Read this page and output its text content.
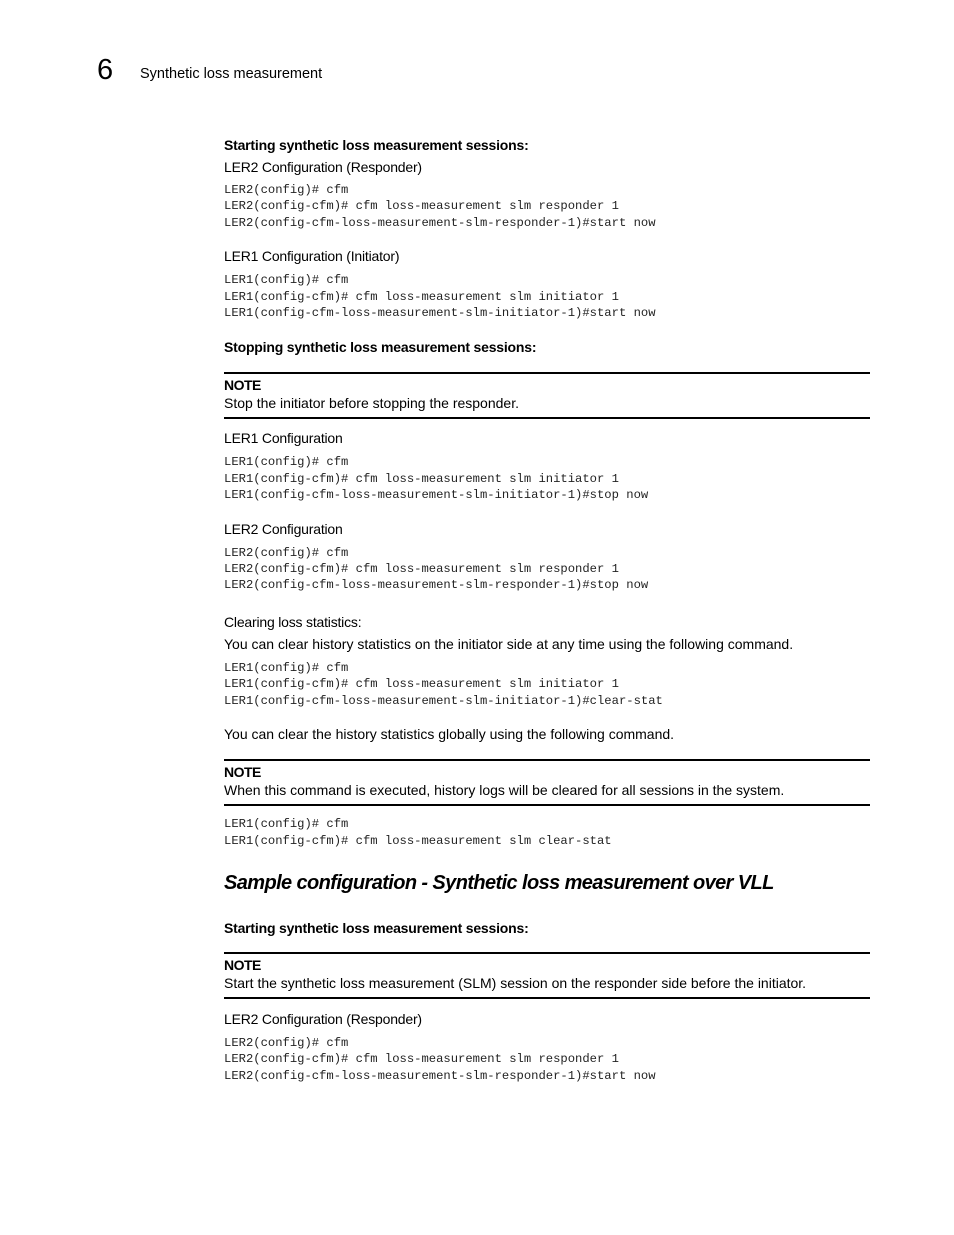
6 Synthetic loss measurement

Starting synthetic loss measurement sessions:

LER2 Configuration (Responder)

LER2(config)# cfm
LER2(config-cfm)# cfm loss-measurement slm responder 1
LER2(config-cfm-loss-measurement-slm-responder-1)#start now

LER1 Configuration (Initiator)

LER1(config)# cfm
LER1(config-cfm)# cfm loss-measurement slm initiator 1
LER1(config-cfm-loss-measurement-slm-initiator-1)#start now

Stopping synthetic loss measurement sessions:

NOTE
Stop the initiator before stopping the responder.

LER1 Configuration

LER1(config)# cfm
LER1(config-cfm)# cfm loss-measurement slm initiator 1
LER1(config-cfm-loss-measurement-slm-initiator-1)#stop now

LER2 Configuration

LER2(config)# cfm
LER2(config-cfm)# cfm loss-measurement slm responder 1
LER2(config-cfm-loss-measurement-slm-responder-1)#stop now

Clearing loss statistics:

You can clear history statistics on the initiator side at any time using the following command.

LER1(config)# cfm
LER1(config-cfm)# cfm loss-measurement slm initiator 1
LER1(config-cfm-loss-measurement-slm-initiator-1)#clear-stat

You can clear the history statistics globally using the following command.

NOTE
When this command is executed, history logs will be cleared for all sessions in the system.
LER1(config)# cfm
LER1(config-cfm)# cfm loss-measurement slm clear-stat
Sample configuration - Synthetic loss measurement over VLL

Starting synthetic loss measurement sessions:

NOTE
Start the synthetic loss measurement (SLM) session on the responder side before the initiator.

LER2 Configuration (Responder)

LER2(config)# cfm
LER2(config-cfm)# cfm loss-measurement slm responder 1
LER2(config-cfm-loss-measurement-slm-responder-1)#start now
